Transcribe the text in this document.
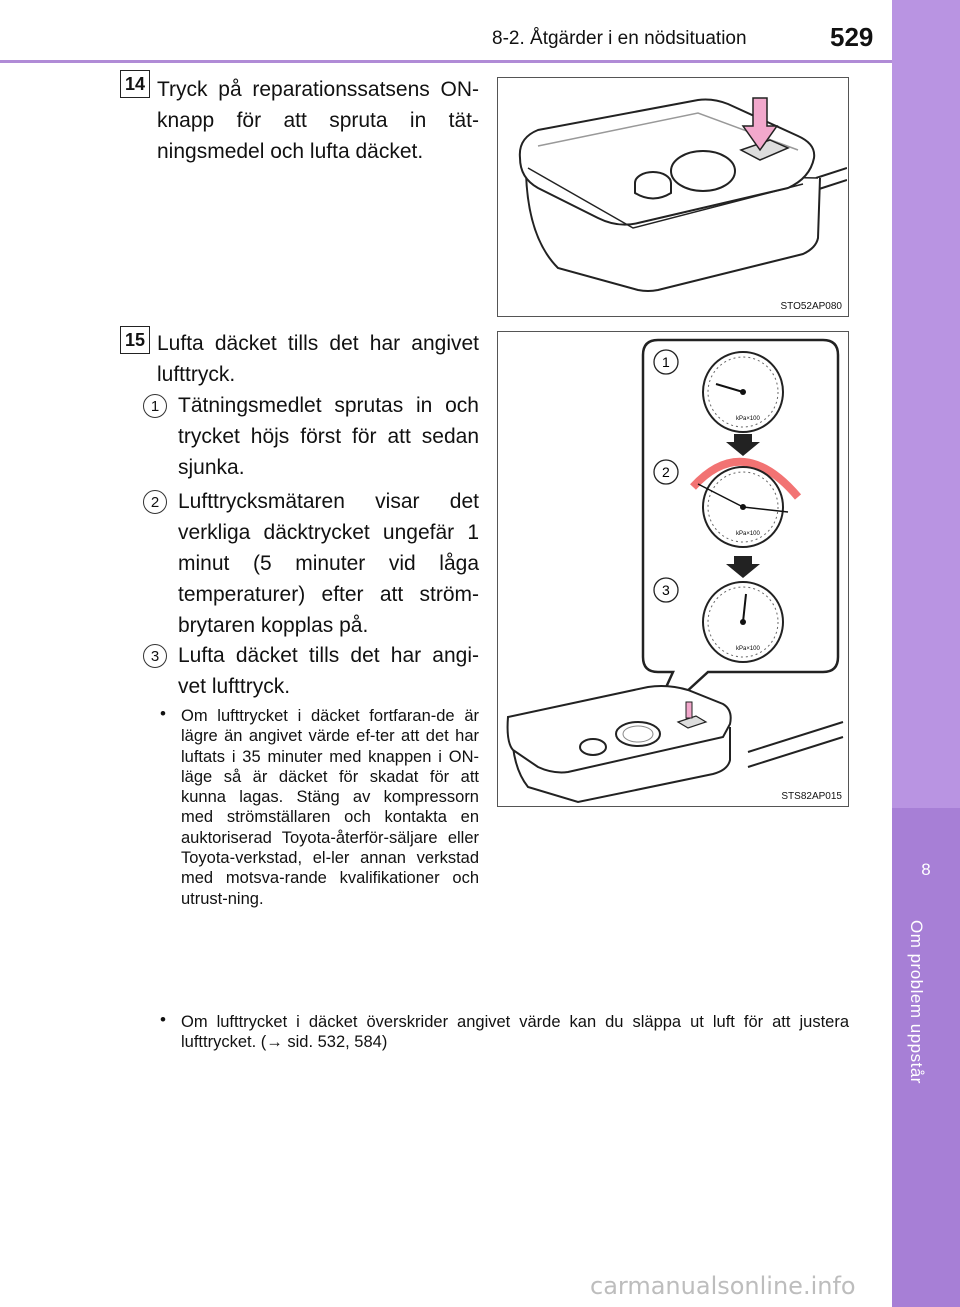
8-2. Åtgärder i en nödsituation	529
8
Om problem uppstår
14 Tryck på reparationssatsens ON-knapp för att spruta in tät-ningsmedel och lufta däcket.
STO52AP080
15 Lufta däcket tills det har angivet lufttryck.
1 Tätningsmedlet sprutas in och trycket höjs först för att sedan sjunka.
2 Lufttrycksmätaren visar det verkliga däcktrycket ungefär 1 minut (5 minuter vid låga temperaturer) efter att ström-brytaren kopplas på.
3 Lufta däcket tills det har angi-vet lufttryck.
• Om lufttrycket i däcket fortfaran-de är lägre än angivet värde ef-ter att det har luftats i 35 minuter med knappen i ON-läge så är däcket för skadat för att kunna lagas. Stäng av kompressorn med strömställaren och kontakta en auktoriserad Toyota-återför-säljare eller Toyota-verkstad, el-ler annan verkstad med motsva-rande kvalifikationer och utrust-ning.
• Om lufttrycket i däcket överskrider angivet värde kan du släppa ut luft för att justera lufttrycket. (→ sid. 532, 584)
kPa×100
kPa×100
kPa×100
1
2
3
STS82AP015
carmanualsonline.info
